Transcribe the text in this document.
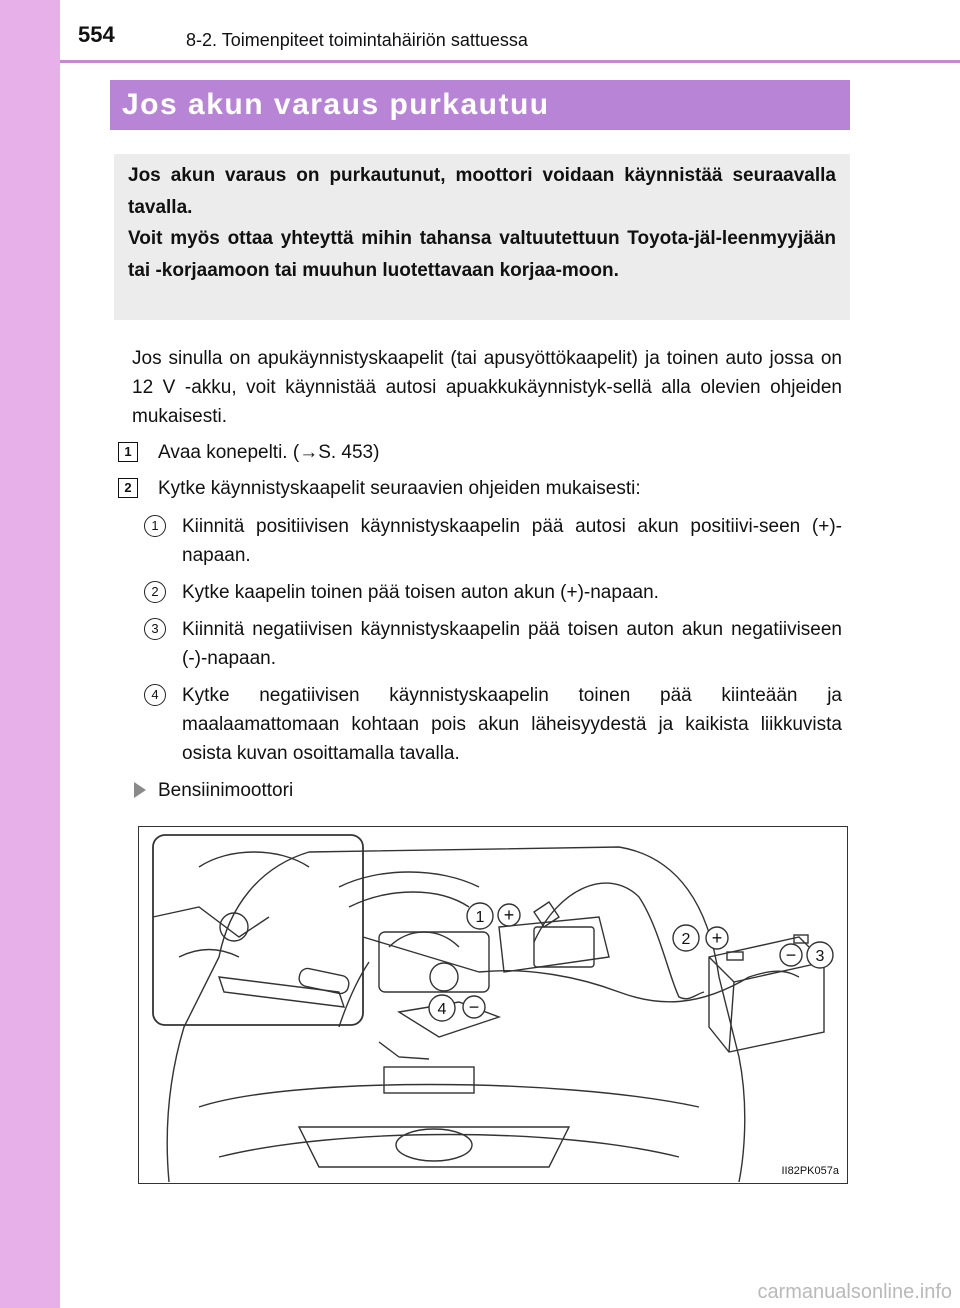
554	8-2. Toimenpiteet toimintahäiriön sattuessa
Jos akun varaus purkautuu

Jos akun varaus on purkautunut, moottori voidaan käynnistää seuraavalla tavalla.

Voit myös ottaa yhteyttä mihin tahansa valtuutettuun Toyota-jäl-leenmyyjään tai -korjaamoon tai muuhun luotettavaan korjaa-moon.

Jos sinulla on apukäynnistyskaapelit (tai apusyöttökaapelit) ja toinen auto jossa on 12 V -akku, voit käynnistää autosi apuakkukäynnistyk-sellä alla olevien ohjeiden mukaisesti.
1	Avaa konepelti. (→S. 453)
2	Kytke käynnistyskaapelit seuraavien ohjeiden mukaisesti:
1	Kiinnitä positiivisen käynnistyskaapelin pää autosi akun positiivi-seen (+)-napaan.
2	Kytke kaapelin toinen pää toisen auton akun (+)-napaan.
3	Kiinnitä negatiivisen käynnistyskaapelin pää toisen auton akun negatiiviseen (-)-napaan.
4	Kytke negatiivisen käynnistyskaapelin toinen pää kiinteään ja maalaamattomaan kohtaan pois akun läheisyydestä ja kaikista liikkuvista osista kuvan osoittamalla tavalla.
Bensiinimoottori
1
2
3
4
+
+
−
−
II82PK057a
carmanualsonline.info
